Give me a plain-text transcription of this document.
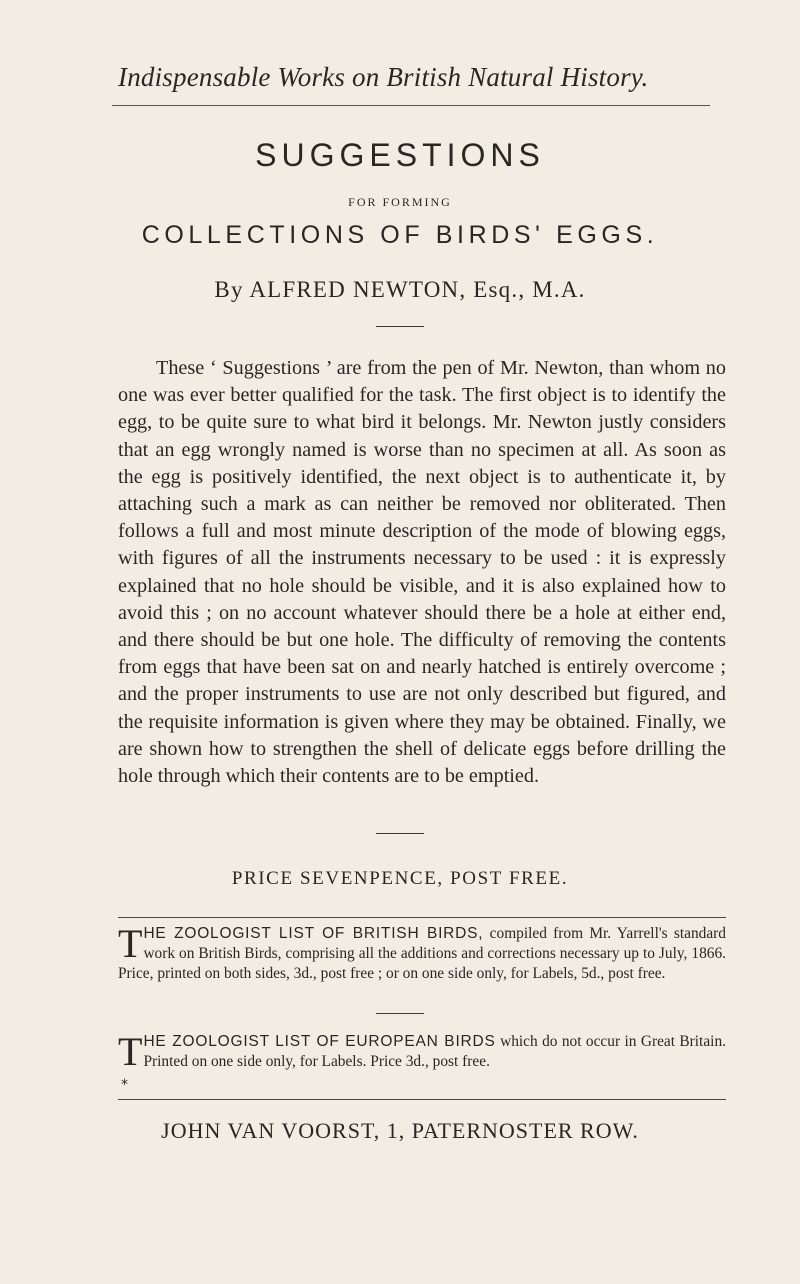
Indispensable Works on British Natural History.
SUGGESTIONS
FOR FORMING
COLLECTIONS OF BIRDS' EGGS.
By ALFRED NEWTON, Esq., M.A.
These ‘ Suggestions ’ are from the pen of Mr. Newton, than whom no one was ever better qualified for the task. The first object is to identify the egg, to be quite sure to what bird it belongs. Mr. Newton justly considers that an egg wrongly named is worse than no specimen at all. As soon as the egg is positively identified, the next object is to authenticate it, by attaching such a mark as can neither be removed nor obliterated. Then follows a full and most minute description of the mode of blowing eggs, with figures of all the instruments necessary to be used : it is expressly explained that no hole should be visible, and it is also explained how to avoid this ; on no account whatever should there be a hole at either end, and there should be but one hole. The difficulty of removing the contents from eggs that have been sat on and nearly hatched is entirely overcome ; and the proper instruments to use are not only described but figured, and the requisite information is given where they may be obtained. Finally, we are shown how to strengthen the shell of delicate eggs before drilling the hole through which their contents are to be emptied.
PRICE SEVENPENCE, POST FREE.
THE ZOOLOGIST LIST OF BRITISH BIRDS, compiled from Mr. Yarrell's standard work on British Birds, comprising all the additions and corrections necessary up to July, 1866. Price, printed on both sides, 3d., post free ; or on one side only, for Labels, 5d., post free.
THE ZOOLOGIST LIST OF EUROPEAN BIRDS which do not occur in Great Britain. Printed on one side only, for Labels. Price 3d., post free.
*
JOHN VAN VOORST, 1, PATERNOSTER ROW.
